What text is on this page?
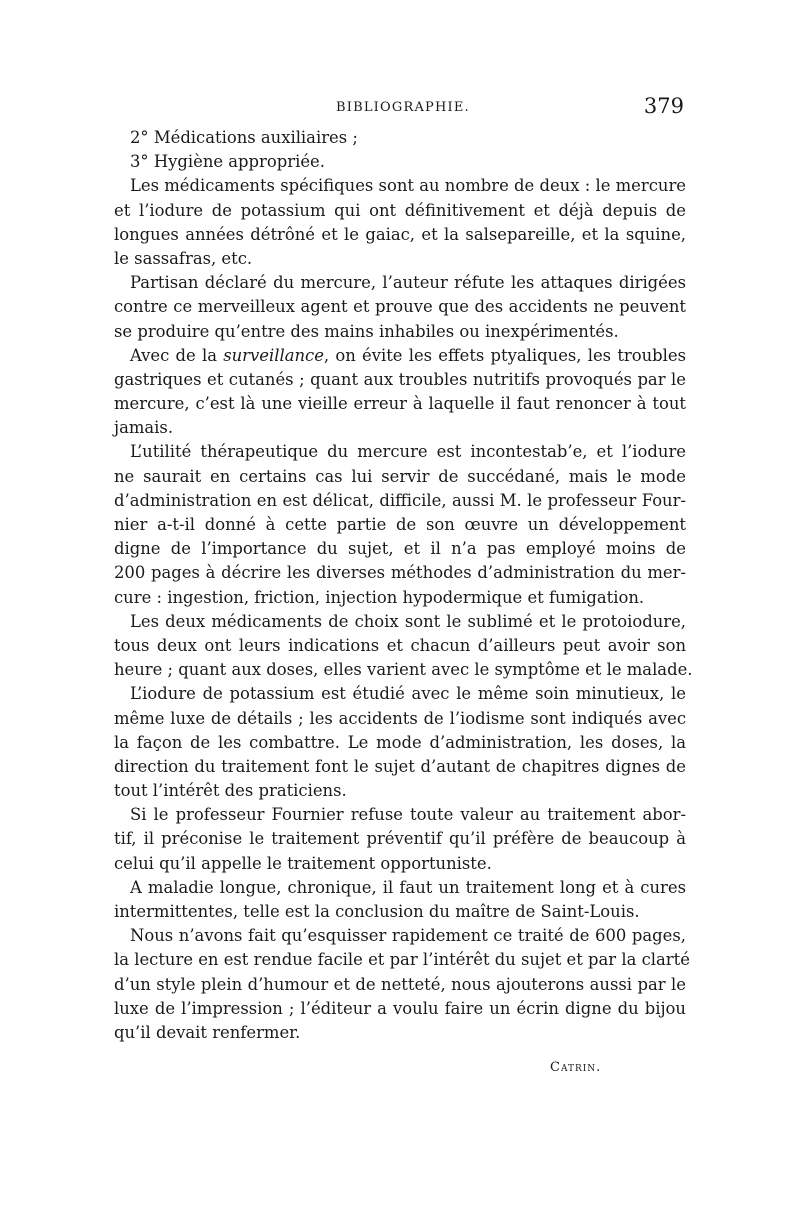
BIBLIOGRAPHIE.	379
2° Médications auxiliaires ;
3° Hygiène appropriée.
Les médicaments spécifiques sont au nombre de deux : le mercure
et l’iodure de potassium qui ont définitivement et déjà depuis de
longues années détrôné et le gaiac, et la salsepareille, et la squine,
le sassafras, etc.
Partisan déclaré du mercure, l’auteur réfute les attaques dirigées
contre ce merveilleux agent et prouve que des accidents ne peuvent
se produire qu’entre des mains inhabiles ou inexpérimentés.
Avec de la surveillance, on évite les effets ptyaliques, les troubles
gastriques et cutanés ; quant aux troubles nutritifs provoqués par le
mercure, c’est là une vieille erreur à laquelle il faut renoncer à tout
jamais.
L’utilité thérapeutique du mercure est incontestab’e, et l’iodure
ne saurait en certains cas lui servir de succédané, mais le mode
d’administration en est délicat, difficile, aussi M. le professeur Four-
nier a-t-il donné à cette partie de son œuvre un développement
digne de l’importance du sujet, et il n’a pas employé moins de
200 pages à décrire les diverses méthodes d’administration du mer-
cure : ingestion, friction, injection hypodermique et fumigation.
Les deux médicaments de choix sont le sublimé et le protoiodure,
tous deux ont leurs indications et chacun d’ailleurs peut avoir son
heure ; quant aux doses, elles varient avec le symptôme et le malade.
L’iodure de potassium est étudié avec le même soin minutieux, le
même luxe de détails ; les accidents de l’iodisme sont indiqués avec
la façon de les combattre. Le mode d’administration, les doses, la
direction du traitement font le sujet d’autant de chapitres dignes de
tout l’intérêt des praticiens.
Si le professeur Fournier refuse toute valeur au traitement abor-
tif, il préconise le traitement préventif qu’il préfère de beaucoup à
celui qu’il appelle le traitement opportuniste.
A maladie longue, chronique, il faut un traitement long et à cures
intermittentes, telle est la conclusion du maître de Saint-Louis.
Nous n’avons fait qu’esquisser rapidement ce traité de 600 pages,
la lecture en est rendue facile et par l’intérêt du sujet et par la clarté
d’un style plein d’humour et de netteté, nous ajouterons aussi par le
luxe de l’impression ; l’éditeur a voulu faire un écrin digne du bijou
qu’il devait renfermer.
Catrin.
